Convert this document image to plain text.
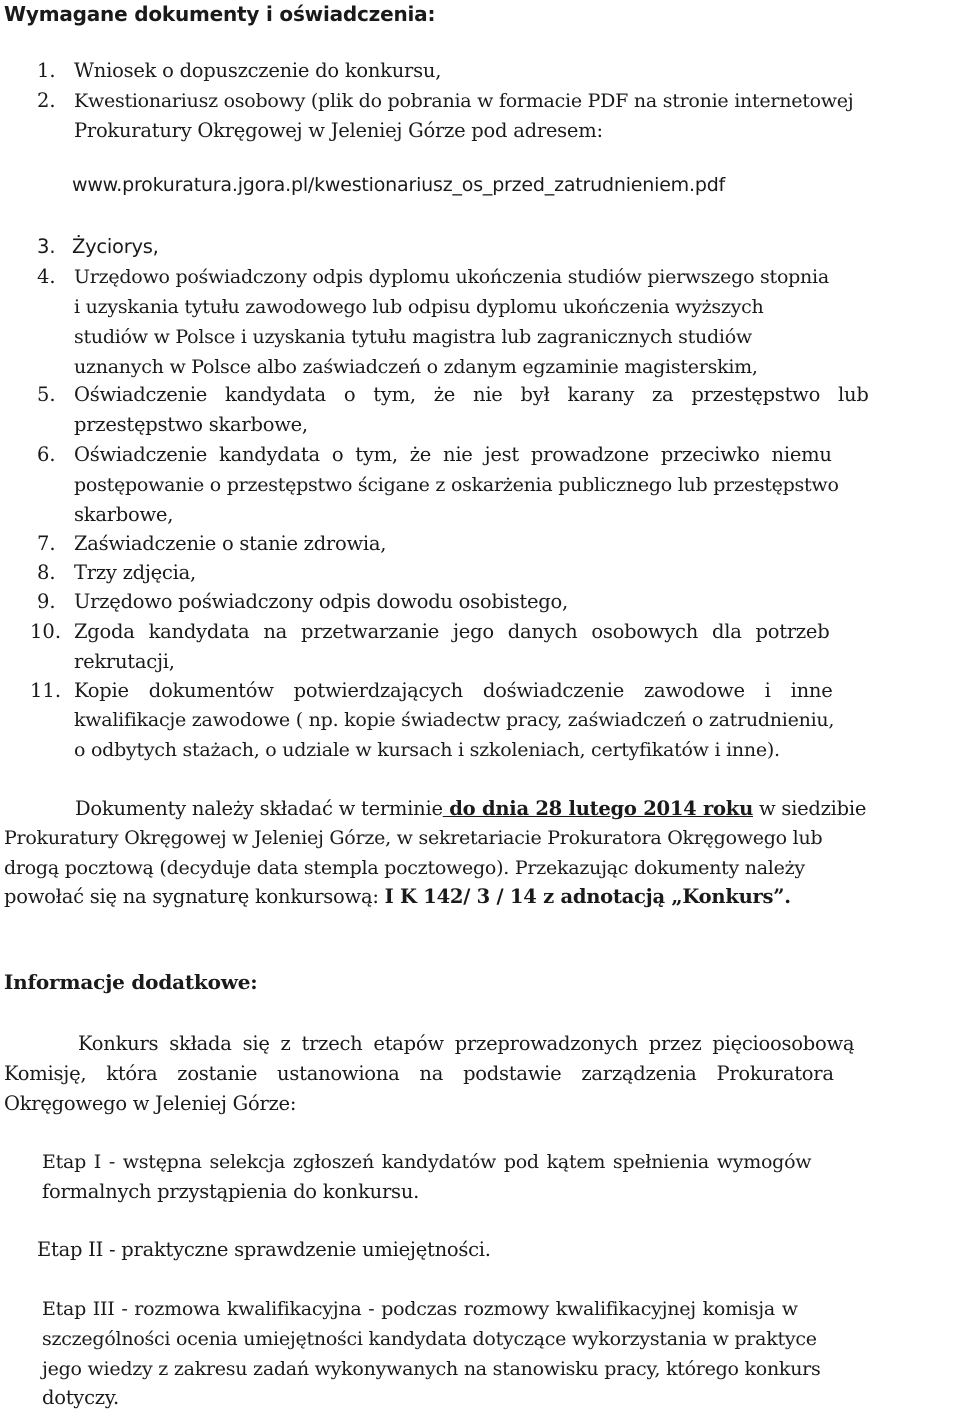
Wymagane dokumenty i oświadczenia:
1. Wniosek o dopuszczenie do konkursu,
2. Kwestionariusz osobowy (plik do pobrania w formacie PDF na stronie internetowej
Prokuratury Okręgowej w Jeleniej Górze pod adresem:
www.prokuratura.jgora.pl/kwestionariusz_os_przed_zatrudnieniem.pdf
3. Życiorys,
4. Urzędowo poświadczony odpis dyplomu ukończenia studiów pierwszego stopnia
i uzyskania tytułu zawodowego lub odpisu dyplomu ukończenia wyższych
studiów w Polsce i uzyskania tytułu magistra lub zagranicznych studiów
uznanych w Polsce albo zaświadczeń o zdanym egzaminie magisterskim,
5. Oświadczenie kandydata o tym, że nie był karany za przestępstwo lub
przestępstwo skarbowe,
6. Oświadczenie kandydata o tym, że nie jest prowadzone przeciwko niemu
postępowanie o przestępstwo ścigane z oskarżenia publicznego lub przestępstwo
skarbowe,
7. Zaświadczenie o stanie zdrowia,
8. Trzy zdjęcia,
9. Urzędowo poświadczony odpis dowodu osobistego,
10. Zgoda kandydata na przetwarzanie jego danych osobowych dla potrzeb
rekrutacji,
11. Kopie dokumentów potwierdzających doświadczenie zawodowe i inne
kwalifikacje zawodowe ( np. kopie świadectw pracy, zaświadczeń o zatrudnieniu,
o odbytych stażach, o udziale w kursach i szkoleniach, certyfikatów i inne).
Dokumenty należy składać w terminie do dnia 28 lutego 2014 roku w siedzibie
Prokuratury Okręgowej w Jeleniej Górze, w sekretariacie Prokuratora Okręgowego lub
drogą pocztową (decyduje data stempla pocztowego). Przekazując dokumenty należy
powołać się na sygnaturę konkursową: I K 142/ 3 / 14 z adnotacją „Konkurs”.
Informacje dodatkowe:
Konkurs składa się z trzech etapów przeprowadzonych przez pięcioosobową
Komisję, która zostanie ustanowiona na podstawie zarządzenia Prokuratora
Okręgowego w Jeleniej Górze:
Etap I - wstępna selekcja zgłoszeń kandydatów pod kątem spełnienia wymogów
formalnych przystąpienia do konkursu.
Etap II - praktyczne sprawdzenie umiejętności.
Etap III - rozmowa kwalifikacyjna - podczas rozmowy kwalifikacyjnej komisja w
szczególności ocenia umiejętności kandydata dotyczące wykorzystania w praktyce
jego wiedzy z zakresu zadań wykonywanych na stanowisku pracy, którego konkurs
dotyczy.
